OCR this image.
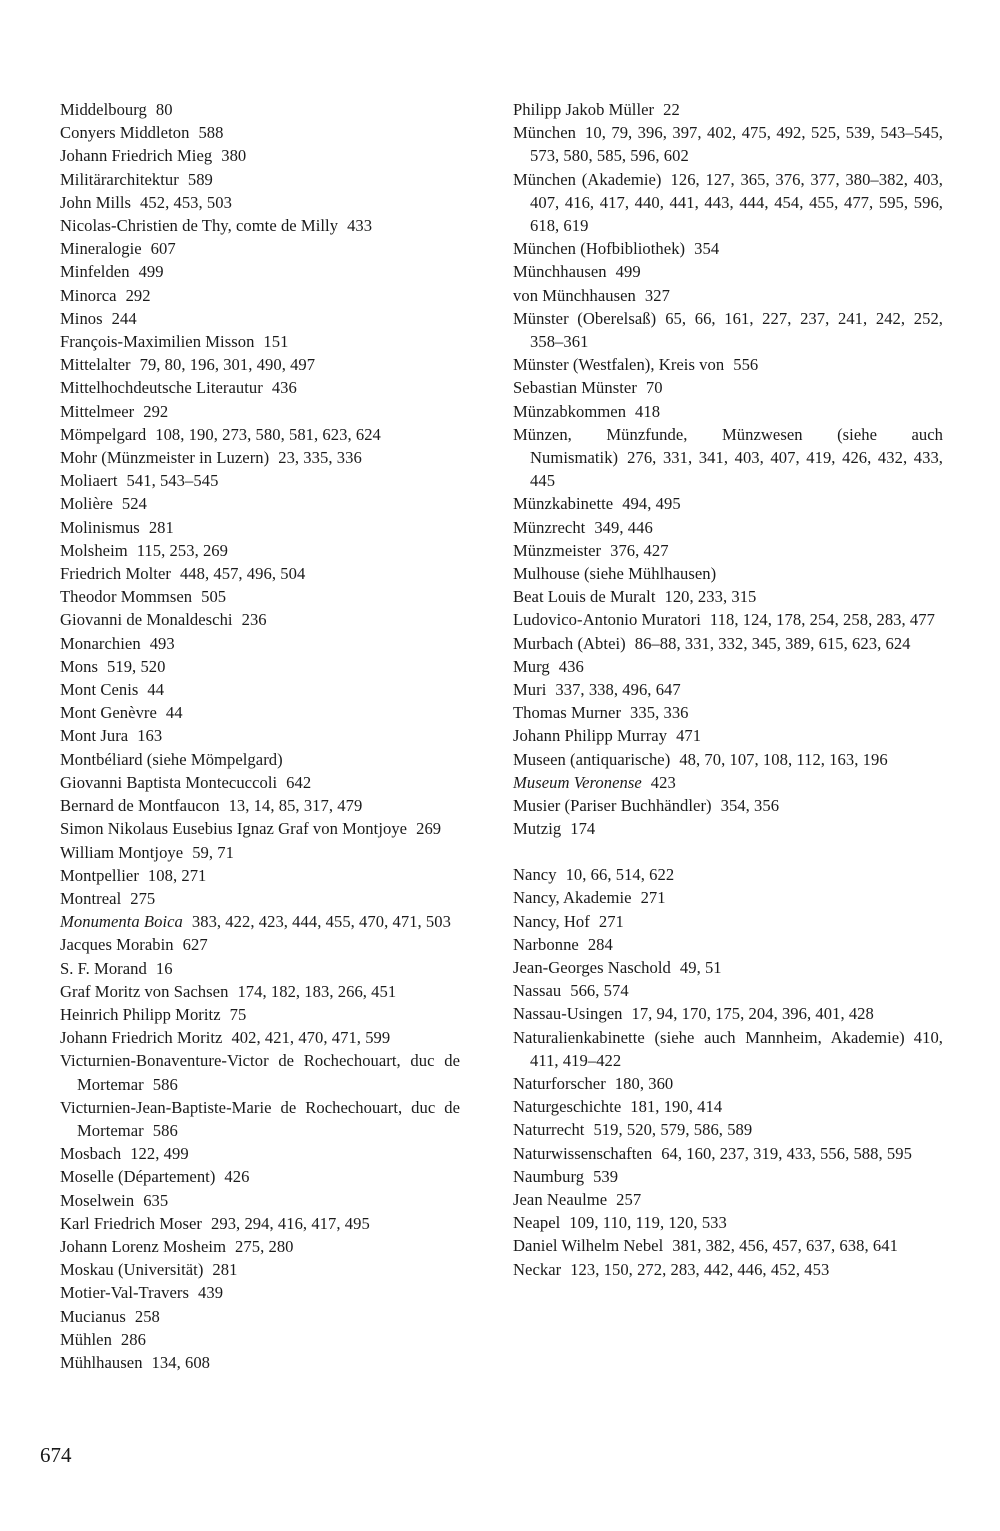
Middelbourg 80
Conyers Middleton 588
Johann Friedrich Mieg 380
Militärarchitektur 589
John Mills 452, 453, 503
Nicolas-Christien de Thy, comte de Milly 433
Mineralogie 607
Minfelden 499
Minorca 292
Minos 244
François-Maximilien Misson 151
Mittelalter 79, 80, 196, 301, 490, 497
Mittelhochdeutsche Literautur 436
Mittelmeer 292
Mömpelgard 108, 190, 273, 580, 581, 623, 624
Mohr (Münzmeister in Luzern) 23, 335, 336
Moliaert 541, 543–545
Molière 524
Molinismus 281
Molsheim 115, 253, 269
Friedrich Molter 448, 457, 496, 504
Theodor Mommsen 505
Giovanni de Monaldeschi 236
Monarchien 493
Mons 519, 520
Mont Cenis 44
Mont Genèvre 44
Mont Jura 163
Montbéliard (siehe Mömpelgard)
Giovanni Baptista Montecuccoli 642
Bernard de Montfaucon 13, 14, 85, 317, 479
Simon Nikolaus Eusebius Ignaz Graf von Montjoye 269
William Montjoye 59, 71
Montpellier 108, 271
Montreal 275
Monumenta Boica 383, 422, 423, 444, 455, 470, 471, 503
Jacques Morabin 627
S. F. Morand 16
Graf Moritz von Sachsen 174, 182, 183, 266, 451
Heinrich Philipp Moritz 75
Johann Friedrich Moritz 402, 421, 470, 471, 599
Victurnien-Bonaventure-Victor de Rochechouart, duc de Mortemar 586
Victurnien-Jean-Baptiste-Marie de Rochechouart, duc de Mortemar 586
Mosbach 122, 499
Moselle (Département) 426
Moselwein 635
Karl Friedrich Moser 293, 294, 416, 417, 495
Johann Lorenz Mosheim 275, 280
Moskau (Universität) 281
Motier-Val-Travers 439
Mucianus 258
Mühlen 286
Mühlhausen 134, 608
Philipp Jakob Müller 22
München 10, 79, 396, 397, 402, 475, 492, 525, 539, 543–545, 573, 580, 585, 596, 602
München (Akademie) 126, 127, 365, 376, 377, 380–382, 403, 407, 416, 417, 440, 441, 443, 444, 454, 455, 477, 595, 596, 618, 619
München (Hofbibliothek) 354
Münchhausen 499
von Münchhausen 327
Münster (Oberelsaß) 65, 66, 161, 227, 237, 241, 242, 252, 358–361
Münster (Westfalen), Kreis von 556
Sebastian Münster 70
Münzabkommen 418
Münzen, Münzfunde, Münzwesen (siehe auch Numismatik) 276, 331, 341, 403, 407, 419, 426, 432, 433, 445
Münzkabinette 494, 495
Münzrecht 349, 446
Münzmeister 376, 427
Mulhouse (siehe Mühlhausen)
Beat Louis de Muralt 120, 233, 315
Ludovico-Antonio Muratori 118, 124, 178, 254, 258, 283, 477
Murbach (Abtei) 86–88, 331, 332, 345, 389, 615, 623, 624
Murg 436
Muri 337, 338, 496, 647
Thomas Murner 335, 336
Johann Philipp Murray 471
Museen (antiquarische) 48, 70, 107, 108, 112, 163, 196
Museum Veronense 423
Musier (Pariser Buchhändler) 354, 356
Mutzig 174
Nancy 10, 66, 514, 622
Nancy, Akademie 271
Nancy, Hof 271
Narbonne 284
Jean-Georges Naschold 49, 51
Nassau 566, 574
Nassau-Usingen 17, 94, 170, 175, 204, 396, 401, 428
Naturalienkabinette (siehe auch Mannheim, Akademie) 410, 411, 419–422
Naturforscher 180, 360
Naturgeschichte 181, 190, 414
Naturrecht 519, 520, 579, 586, 589
Naturwissenschaften 64, 160, 237, 319, 433, 556, 588, 595
Naumburg 539
Jean Neaulme 257
Neapel 109, 110, 119, 120, 533
Daniel Wilhelm Nebel 381, 382, 456, 457, 637, 638, 641
Neckar 123, 150, 272, 283, 442, 446, 452, 453
674
